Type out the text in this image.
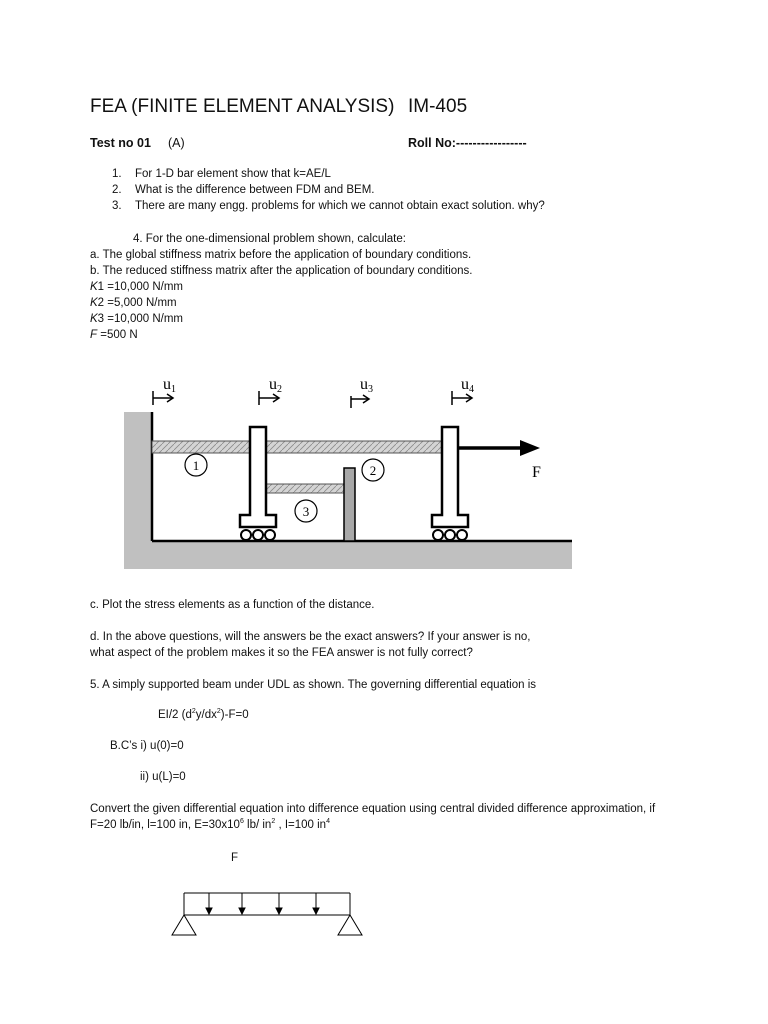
FEA (FINITE ELEMENT ANALYSIS) IM-405
Test no 01 (A)	Roll No:-----------------
1. For 1-D bar element show that k=AE/L
2. What is the difference between FDM and BEM.
3. There are many engg. problems for which we cannot obtain exact solution. why?
4. For the one-dimensional problem shown, calculate:
a. The global stiffness matrix before the application of boundary conditions.
b. The reduced stiffness matrix after the application of boundary conditions.
K1 =10,000 N/mm
K2 =5,000 N/mm
K3 =10,000 N/mm
F =500 N
F
1	2
3
u1	u2	u3	u4
c. Plot the stress elements as a function of the distance.
d. In the above questions, will the answers be the exact answers? If your answer is no,
what aspect of the problem makes it so the FEA answer is not fully correct?
5. A simply supported beam under UDL as shown. The governing differential equation is
EI/2 $(d^2y/dx^2)-F=0$
B.C’s i) u(0)=0
ii) u(L)=0
Convert the given differential equation into difference equation using central divided difference approximation, if
F=20 lb/in, l=100 in, $E=30x10^6$ lb/ $in^2$ , I=100 $in^4$
F
